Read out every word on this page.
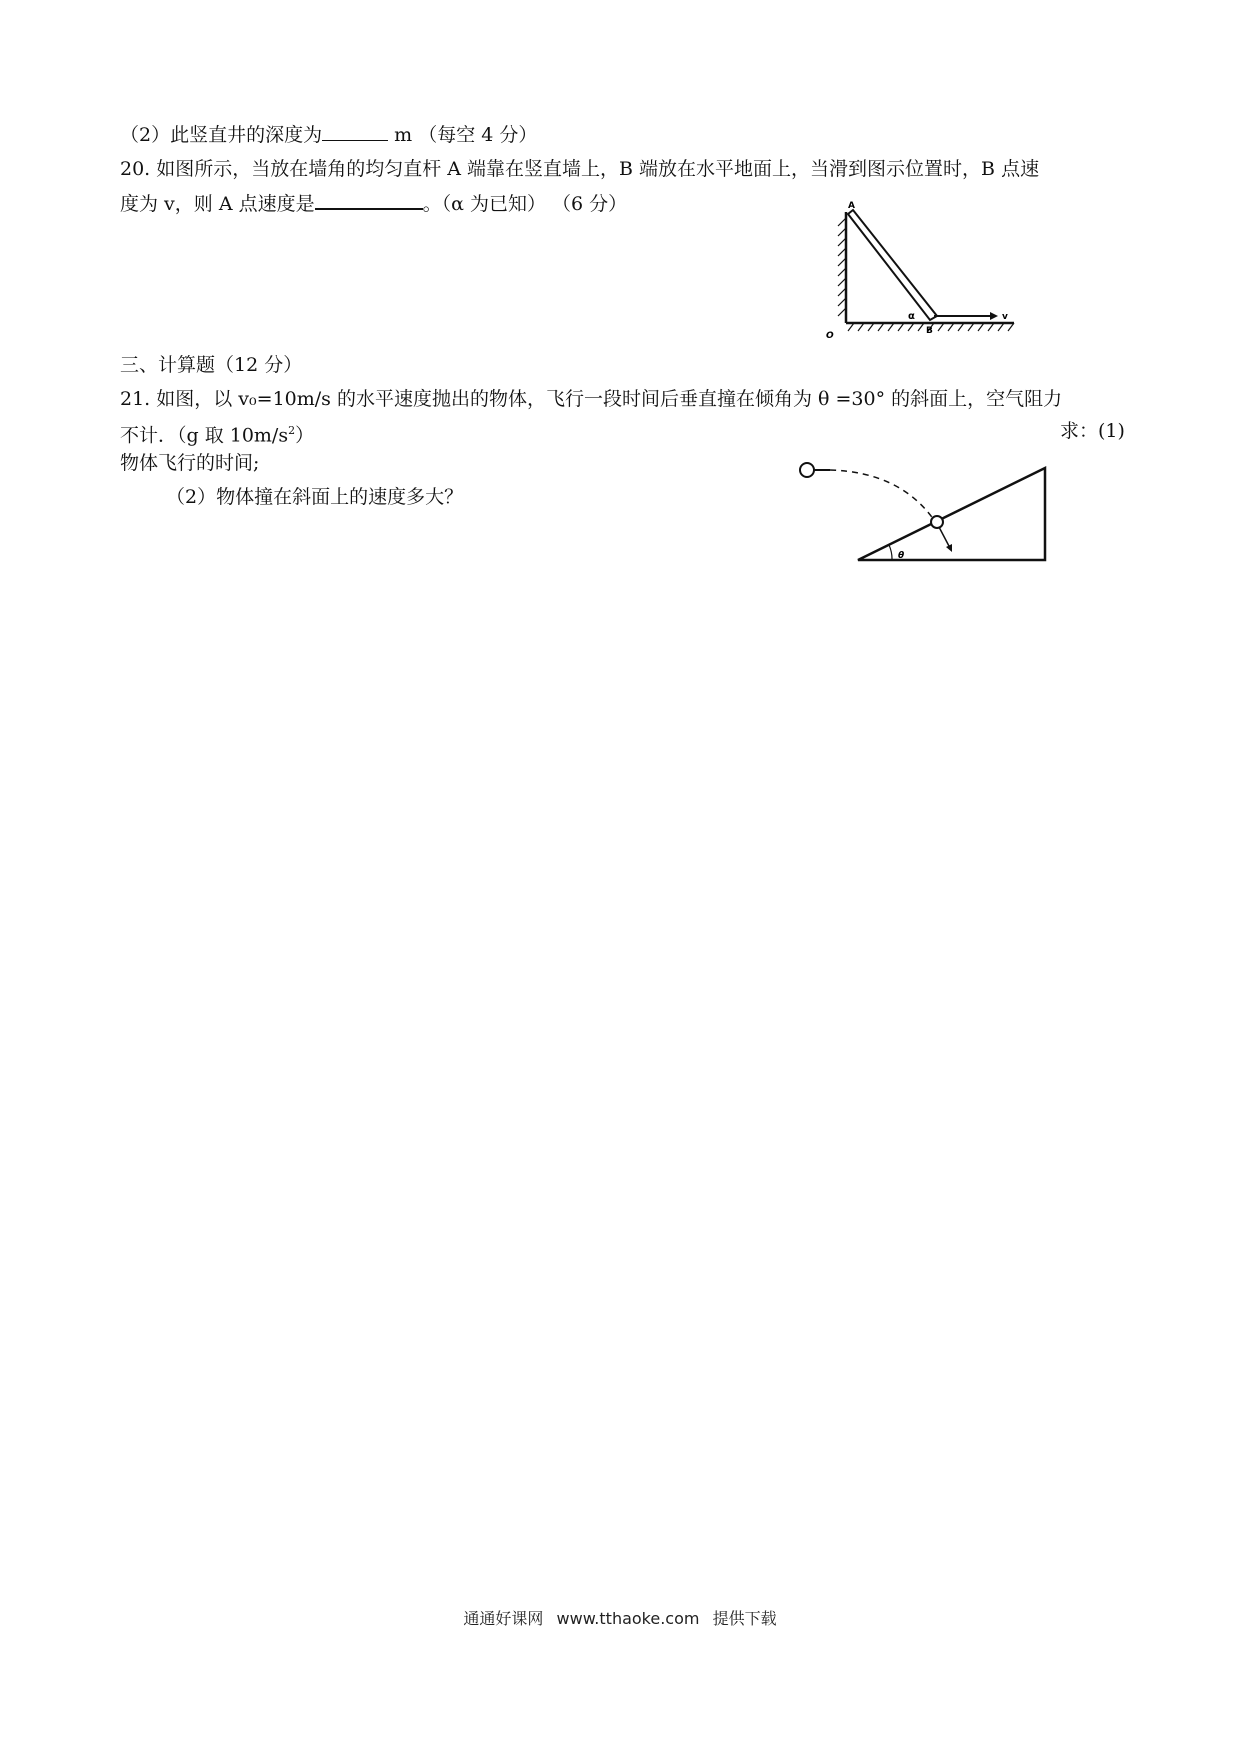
（2）此竖直井的深度为	m （每空 4 分）
20. 如图所示，当放在墙角的均匀直杆 A 端靠在竖直墙上，B 端放在水平地面上，当滑到图示位置时，B 点速
度为 v，则 A 点速度是	。（α 为已知） （6 分）	A
B
O
α	v
三、计算题（12 分）
21. 如图，以 v₀=10m/s 的水平速度抛出的物体，飞行一段时间后垂直撞在倾角为 θ =30° 的斜面上，空气阻力
不计．（g 取 $10m/s^2$）	求：(1)
物体飞行的时间;
（2）物体撞在斜面上的速度多大？
θ
通通好课网 www.tthaoke.com 提供下载
